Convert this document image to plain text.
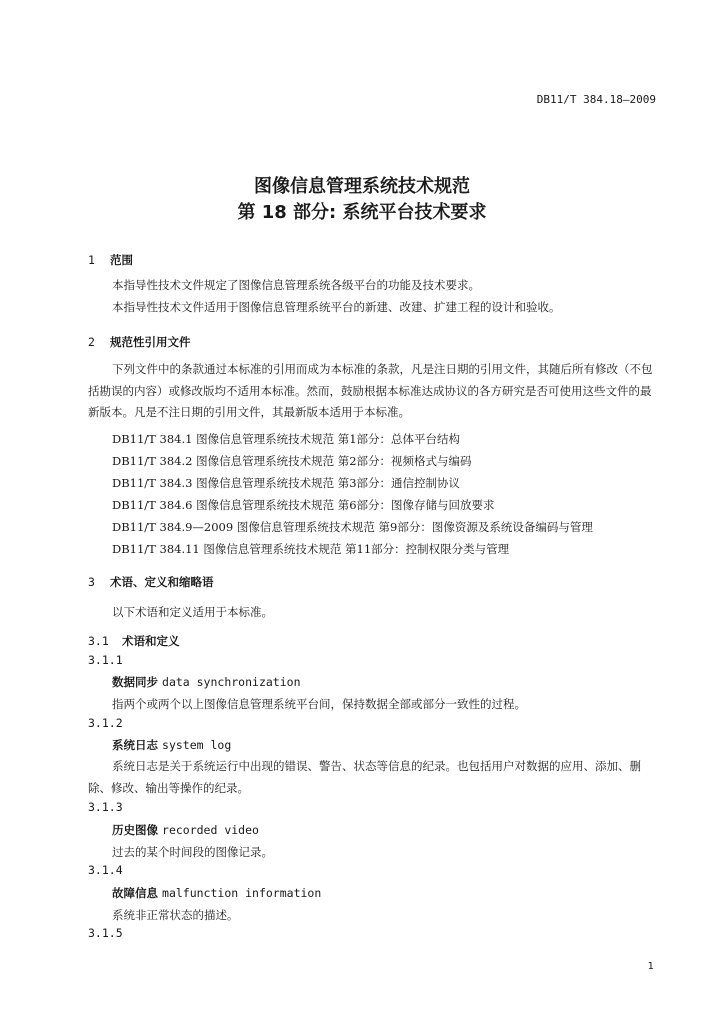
DB11/T 384.18—2009
图像信息管理系统技术规范
第 18 部分: 系统平台技术要求
1 范围
本指导性技术文件规定了图像信息管理系统各级平台的功能及技术要求。
本指导性技术文件适用于图像信息管理系统平台的新建、改建、扩建工程的设计和验收。
2 规范性引用文件
下列文件中的条款通过本标准的引用而成为本标准的条款，凡是注日期的引用文件，其随后所有修改（不包括勘误的内容）或修改版均不适用本标准。然而，鼓励根据本标准达成协议的各方研究是否可使用这些文件的最新版本。凡是不注日期的引用文件，其最新版本适用于本标准。
DB11/T 384.1 图像信息管理系统技术规范 第1部分：总体平台结构
DB11/T 384.2 图像信息管理系统技术规范 第2部分：视频格式与编码
DB11/T 384.3 图像信息管理系统技术规范 第3部分：通信控制协议
DB11/T 384.6 图像信息管理系统技术规范 第6部分：图像存储与回放要求
DB11/T 384.9—2009 图像信息管理系统技术规范 第9部分：图像资源及系统设备编码与管理
DB11/T 384.11 图像信息管理系统技术规范 第11部分：控制权限分类与管理
3 术语、定义和缩略语
以下术语和定义适用于本标准。
3.1 术语和定义
3.1.1
数据同步 data synchronization
指两个或两个以上图像信息管理系统平台间，保持数据全部或部分一致性的过程。
3.1.2
系统日志 system log
系统日志是关于系统运行中出现的错误、警告、状态等信息的纪录。也包括用户对数据的应用、添加、删除、修改、输出等操作的纪录。
3.1.3
历史图像 recorded video
过去的某个时间段的图像记录。
3.1.4
故障信息 malfunction information
系统非正常状态的描述。
3.1.5
1
